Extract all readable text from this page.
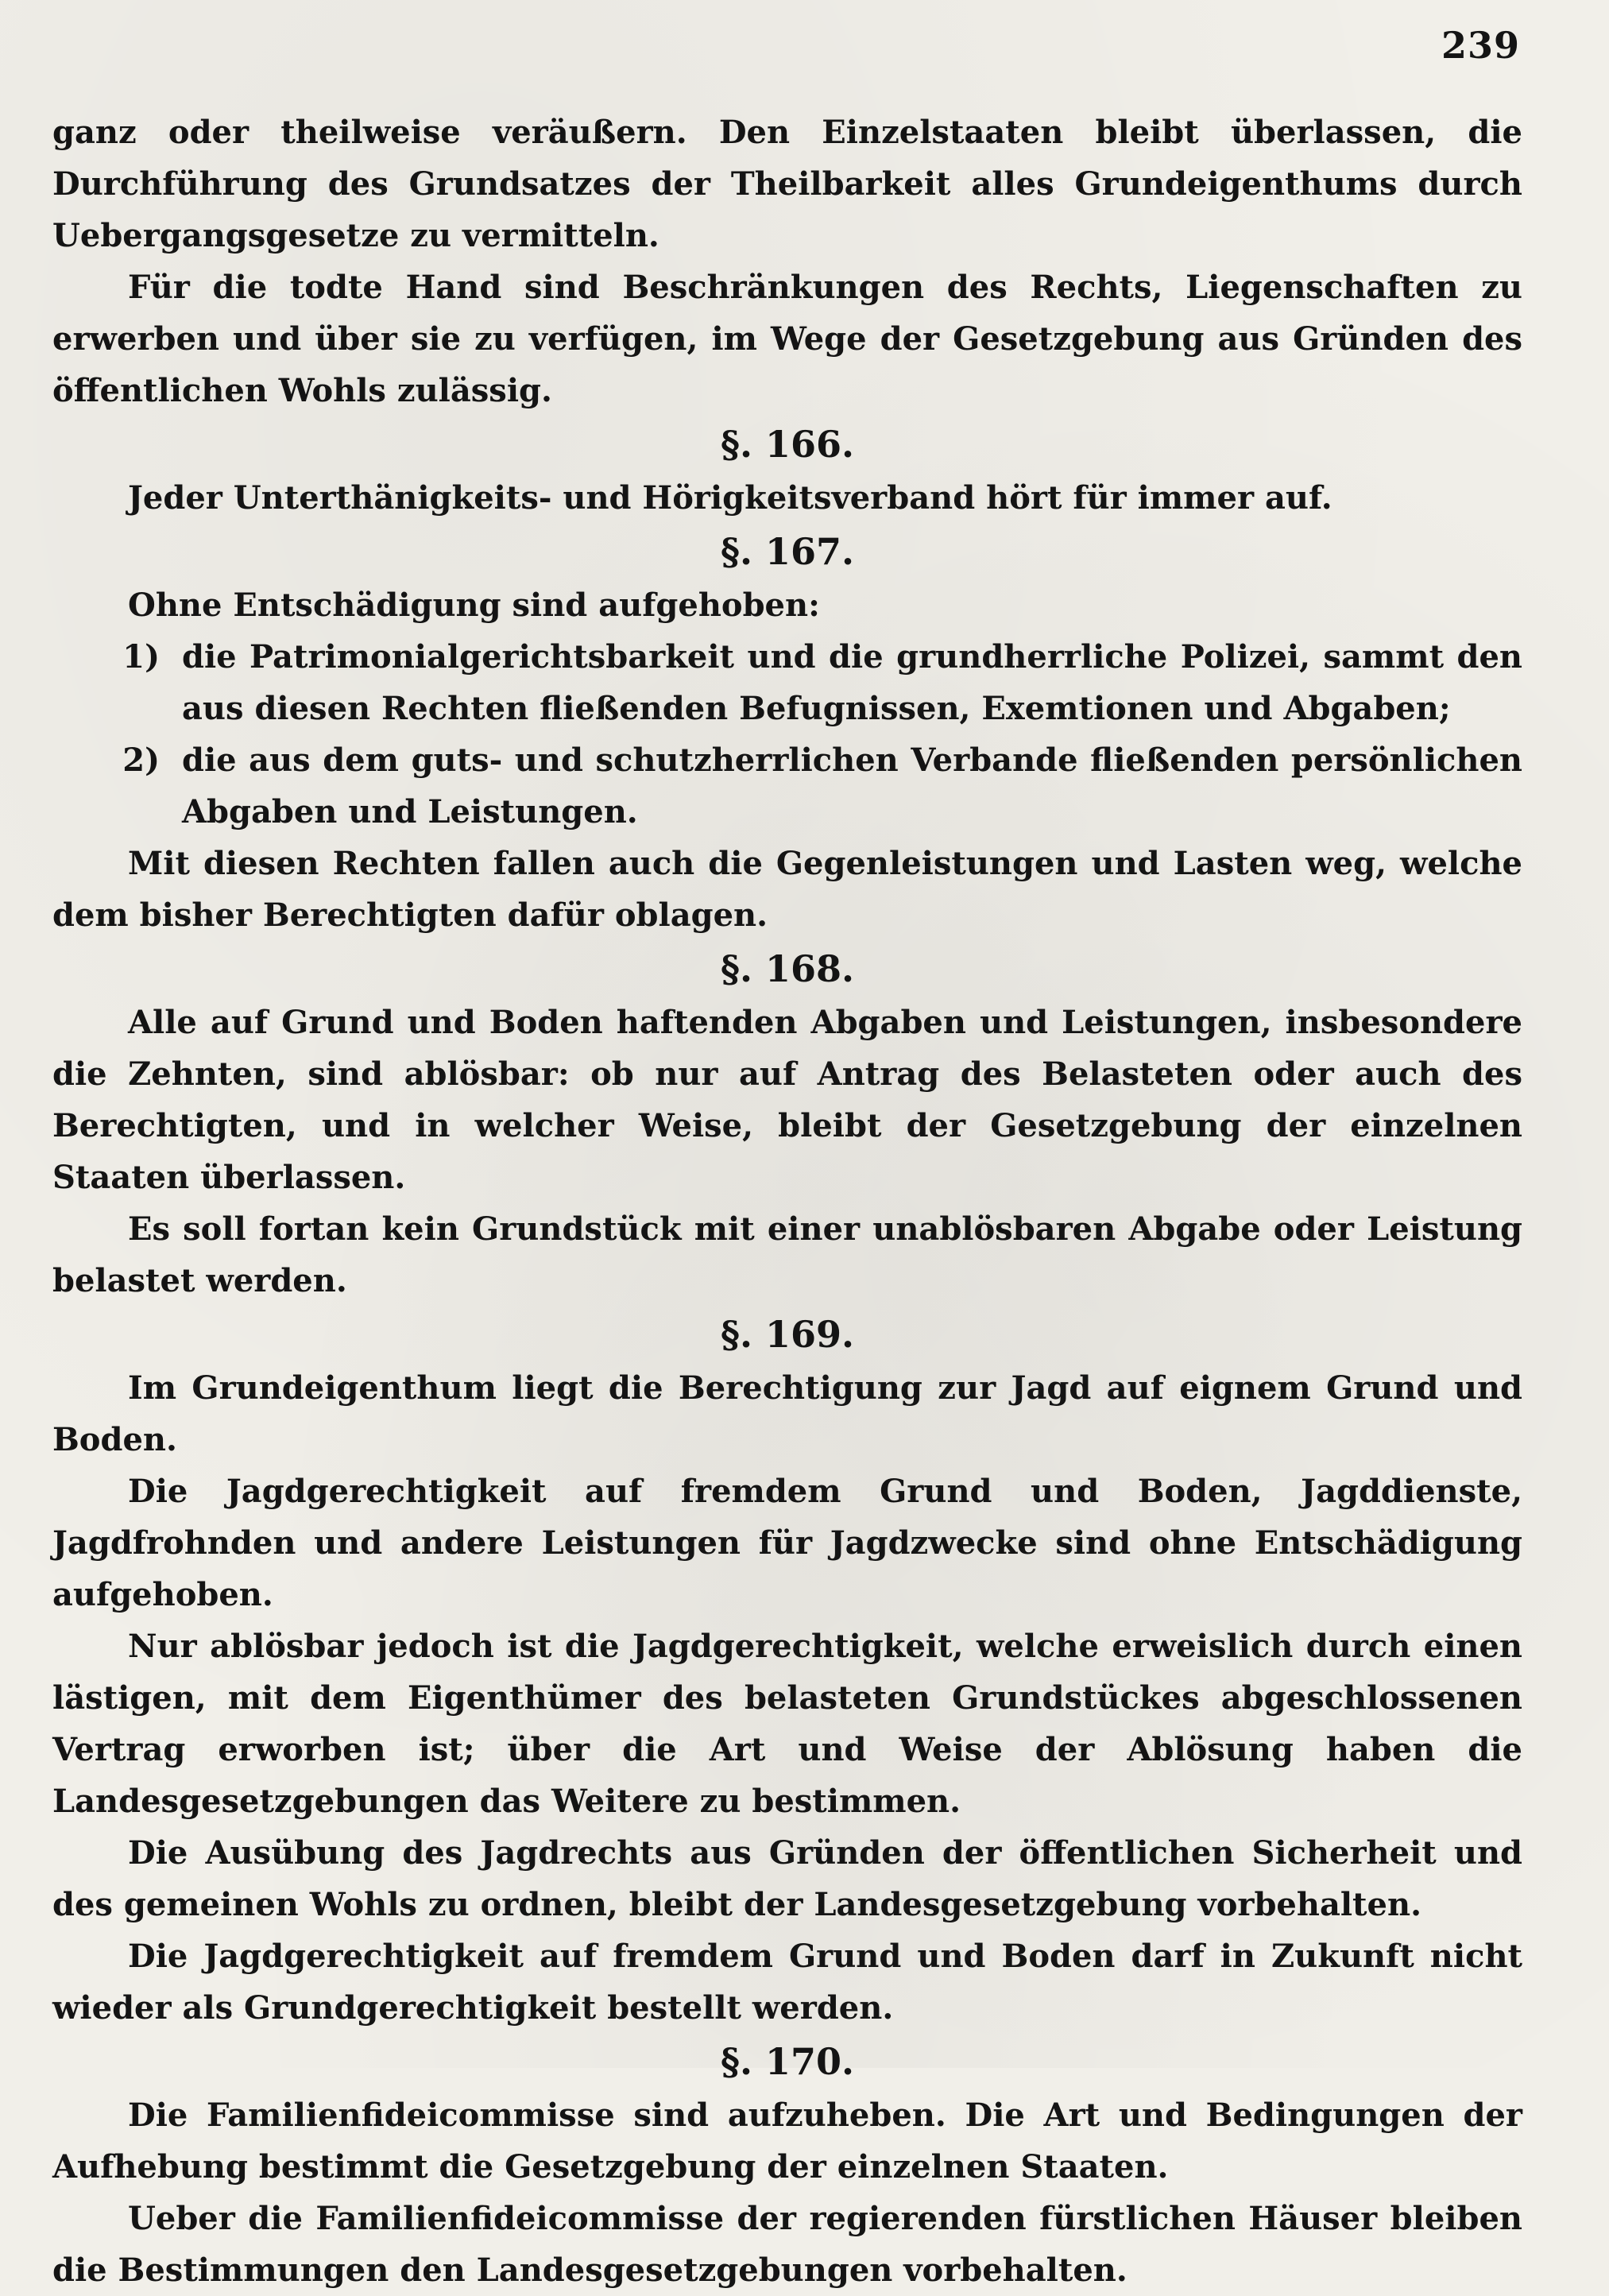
239

ganz oder theilweise veräußern. Den Einzelstaaten bleibt überlassen, die Durchführung des Grundsatzes der Theilbarkeit alles Grundeigenthums durch Uebergangsgesetze zu vermitteln.

Für die todte Hand sind Beschränkungen des Rechts, Liegenschaften zu erwerben und über sie zu verfügen, im Wege der Gesetzgebung aus Gründen des öffentlichen Wohls zulässig.

§. 166.

Jeder Unterthänigkeits- und Hörigkeitsverband hört für immer auf.

§. 167.

Ohne Entschädigung sind aufgehoben:

1) die Patrimonialgerichtsbarkeit und die grundherrliche Polizei, sammt den aus diesen Rechten fließenden Befugnissen, Exemtionen und Abgaben;
2) die aus dem guts- und schutzherrlichen Verbande fließenden persönlichen Abgaben und Leistungen.

Mit diesen Rechten fallen auch die Gegenleistungen und Lasten weg, welche dem bisher Berechtigten dafür oblagen.

§. 168.

Alle auf Grund und Boden haftenden Abgaben und Leistungen, insbesondere die Zehnten, sind ablösbar: ob nur auf Antrag des Belasteten oder auch des Berechtigten, und in welcher Weise, bleibt der Gesetzgebung der einzelnen Staaten überlassen.

Es soll fortan kein Grundstück mit einer unablösbaren Abgabe oder Leistung belastet werden.

§. 169.

Im Grundeigenthum liegt die Berechtigung zur Jagd auf eignem Grund und Boden.

Die Jagdgerechtigkeit auf fremdem Grund und Boden, Jagddienste, Jagdfrohnden und andere Leistungen für Jagdzwecke sind ohne Entschädigung aufgehoben.

Nur ablösbar jedoch ist die Jagdgerechtigkeit, welche erweislich durch einen lästigen, mit dem Eigenthümer des belasteten Grundstückes abgeschlossenen Vertrag erworben ist; über die Art und Weise der Ablösung haben die Landesgesetzgebungen das Weitere zu bestimmen.

Die Ausübung des Jagdrechts aus Gründen der öffentlichen Sicherheit und des gemeinen Wohls zu ordnen, bleibt der Landesgesetzgebung vorbehalten.

Die Jagdgerechtigkeit auf fremdem Grund und Boden darf in Zukunft nicht wieder als Grundgerechtigkeit bestellt werden.

§. 170.

Die Familienfideicommisse sind aufzuheben. Die Art und Bedingungen der Aufhebung bestimmt die Gesetzgebung der einzelnen Staaten.

Ueber die Familienfideicommisse der regierenden fürstlichen Häuser bleiben die Bestimmungen den Landesgesetzgebungen vorbehalten.
